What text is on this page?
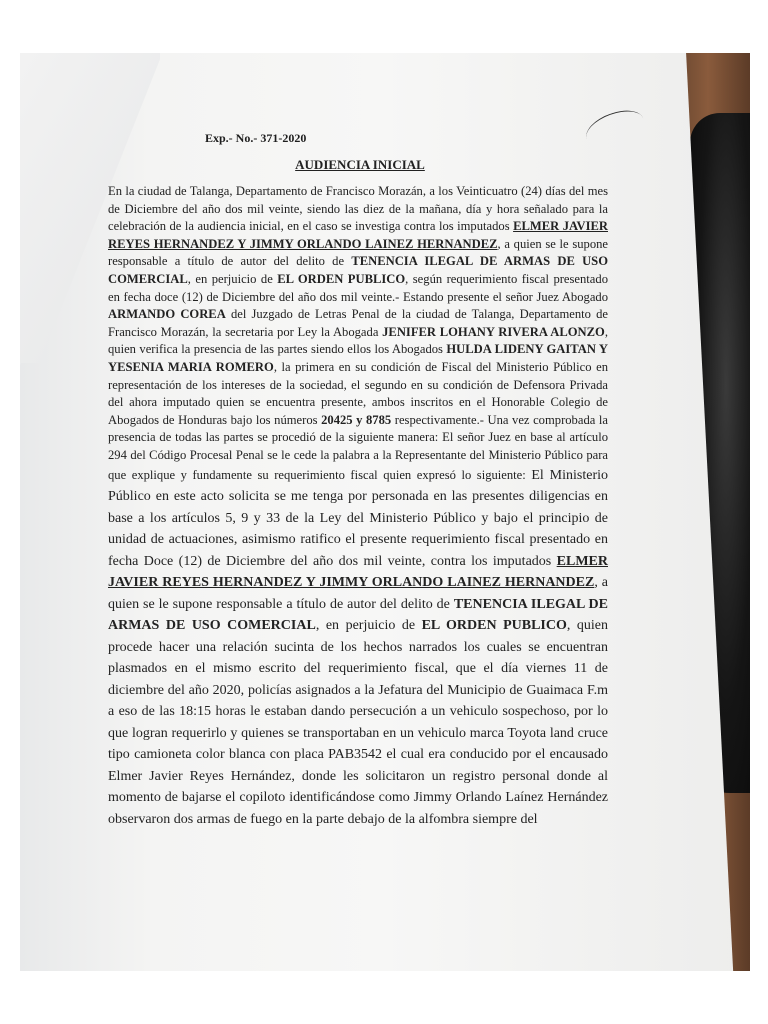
Exp.- No.- 371-2020
AUDIENCIA INICIAL

En la ciudad de Talanga, Departamento de Francisco Morazán, a los Veinticuatro (24) días del mes de Diciembre del año dos mil veinte, siendo las diez de la mañana, día y hora señalado para la celebración de la audiencia inicial, en el caso se investiga contra los imputados ELMER JAVIER REYES HERNANDEZ Y JIMMY ORLANDO LAINEZ HERNANDEZ, a quien se le supone responsable a título de autor del delito de TENENCIA ILEGAL DE ARMAS DE USO COMERCIAL, en perjuicio de EL ORDEN PUBLICO, según requerimiento fiscal presentado en fecha doce (12) de Diciembre del año dos mil veinte.- Estando presente el señor Juez Abogado ARMANDO COREA del Juzgado de Letras Penal de la ciudad de Talanga, Departamento de Francisco Morazán, la secretaria por Ley la Abogada JENIFER LOHANY RIVERA ALONZO, quien verifica la presencia de las partes siendo ellos los Abogados HULDA LIDENY GAITAN Y YESENIA MARIA ROMERO, la primera en su condición de Fiscal del Ministerio Público en representación de los intereses de la sociedad, el segundo en su condición de Defensora Privada del ahora imputado quien se encuentra presente, ambos inscritos en el Honorable Colegio de Abogados de Honduras bajo los números 20425 y 8785 respectivamente.- Una vez comprobada la presencia de todas las partes se procedió de la siguiente manera: El señor Juez en base al artículo 294 del Código Procesal Penal se le cede la palabra a la Representante del Ministerio Público para que explique y fundamente su requerimiento fiscal quien expresó lo siguiente: El Ministerio Público en este acto solicita se me tenga por personada en las presentes diligencias en base a los artículos 5, 9 y 33 de la Ley del Ministerio Público y bajo el principio de unidad de actuaciones, asimismo ratifico el presente requerimiento fiscal presentado en fecha Doce (12) de Diciembre del año dos mil veinte, contra los imputados ELMER JAVIER REYES HERNANDEZ Y JIMMY ORLANDO LAINEZ HERNANDEZ, a quien se le supone responsable a título de autor del delito de TENENCIA ILEGAL DE ARMAS DE USO COMERCIAL, en perjuicio de EL ORDEN PUBLICO, quien procede hacer una relación sucinta de los hechos narrados los cuales se encuentran plasmados en el mismo escrito del requerimiento fiscal, que el día viernes 11 de diciembre del año 2020, policías asignados a la Jefatura del Municipio de Guaimaca F.m a eso de las 18:15 horas le estaban dando persecución a un vehiculo sospechoso, por lo que logran requerirlo y quienes se transportaban en un vehiculo marca Toyota land cruce tipo camioneta color blanca con placa PAB3542 el cual era conducido por el encausado Elmer Javier Reyes Hernández, donde les solicitaron un registro personal donde al momento de bajarse el copiloto identificándose como Jimmy Orlando Laínez Hernández observaron dos armas de fuego en la parte debajo de la alfombra siempre del
